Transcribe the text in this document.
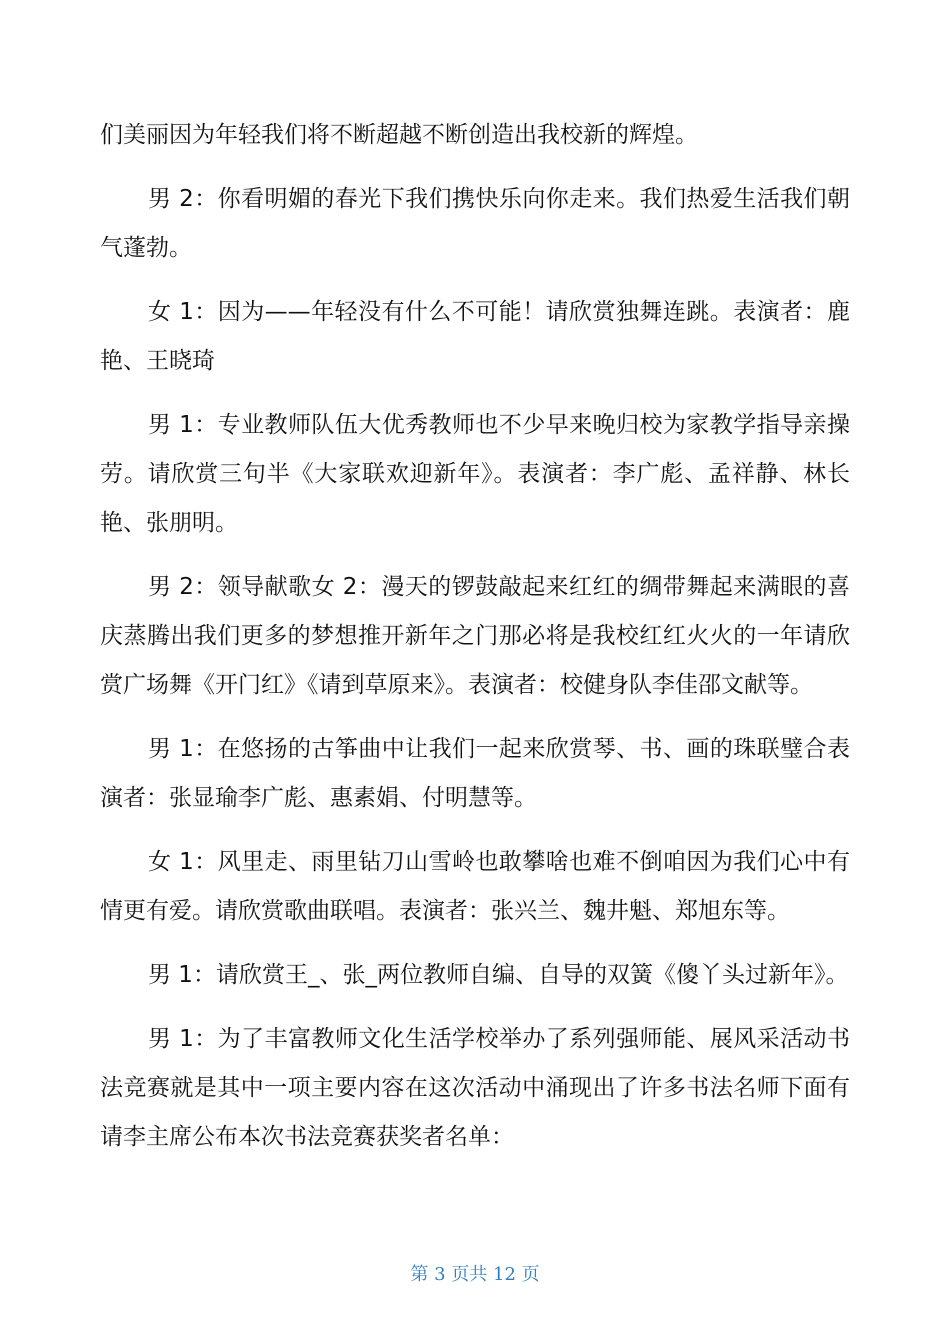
们美丽因为年轻我们将不断超越不断创造出我校新的辉煌。

男 2：你看明媚的春光下我们携快乐向你走来。我们热爱生活我们朝气蓬勃。

女 1：因为——年轻没有什么不可能！请欣赏独舞连跳。表演者：鹿艳、王晓琦

男 1：专业教师队伍大优秀教师也不少早来晚归校为家教学指导亲操劳。请欣赏三句半《大家联欢迎新年》。表演者：李广彪、孟祥静、林长艳、张朋明。

男 2：领导献歌女 2：漫天的锣鼓敲起来红红的绸带舞起来满眼的喜庆蒸腾出我们更多的梦想推开新年之门那必将是我校红红火火的一年请欣赏广场舞《开门红》《请到草原来》。表演者：校健身队李佳邵文献等。

男 1：在悠扬的古筝曲中让我们一起来欣赏琴、书、画的珠联璧合表演者：张显瑜李广彪、惠素娟、付明慧等。

女 1：风里走、雨里钻刀山雪岭也敢攀啥也难不倒咱因为我们心中有情更有爱。请欣赏歌曲联唱。表演者：张兴兰、魏井魁、郑旭东等。

男 1：请欣赏王_、张_两位教师自编、自导的双簧《傻丫头过新年》。

男 1：为了丰富教师文化生活学校举办了系列强师能、展风采活动书法竞赛就是其中一项主要内容在这次活动中涌现出了许多书法名师下面有请李主席公布本次书法竞赛获奖者名单：

第 3 页共 12 页
